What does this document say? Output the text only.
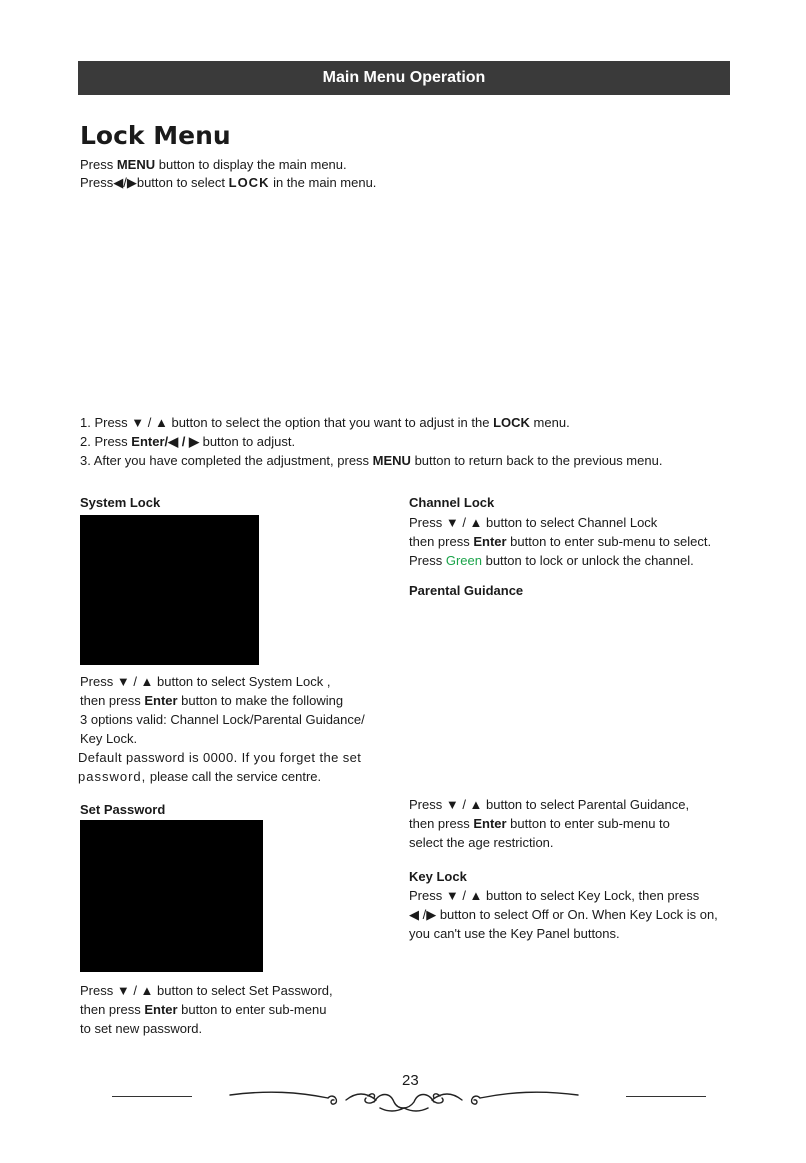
Main Menu Operation
Lock Menu
Press MENU button to display the main menu.
Press◀/▶button to select LOCK in the main menu.
1. Press ▼ / ▲ button to select the option that you want to adjust in the LOCK menu.
2. Press Enter/◀ / ▶ button to adjust.
3. After you have completed the adjustment, press MENU button to return back to the previous menu.
System Lock
Press ▼ / ▲ button to select System Lock ,
then press Enter button to make the following
3 options valid: Channel Lock/Parental Guidance/
Key Lock.
Default password is 0000. If you forget the set
password, please call the service centre.
Set Password
Press ▼ / ▲ button to select Set Password,
then press Enter button to enter sub-menu
to set new password.
Channel Lock
Press ▼ / ▲ button to select Channel Lock
then press Enter button to enter sub-menu to select.
Press Green button to lock or unlock the channel.
Parental Guidance
Press ▼ / ▲ button to select Parental Guidance,
then press Enter button to enter sub-menu to
select the age restriction.
Key Lock
Press ▼ / ▲ button to select Key Lock, then press
◀ /▶ button to select Off or On. When Key Lock is on,
you can't use the Key Panel buttons.
23
